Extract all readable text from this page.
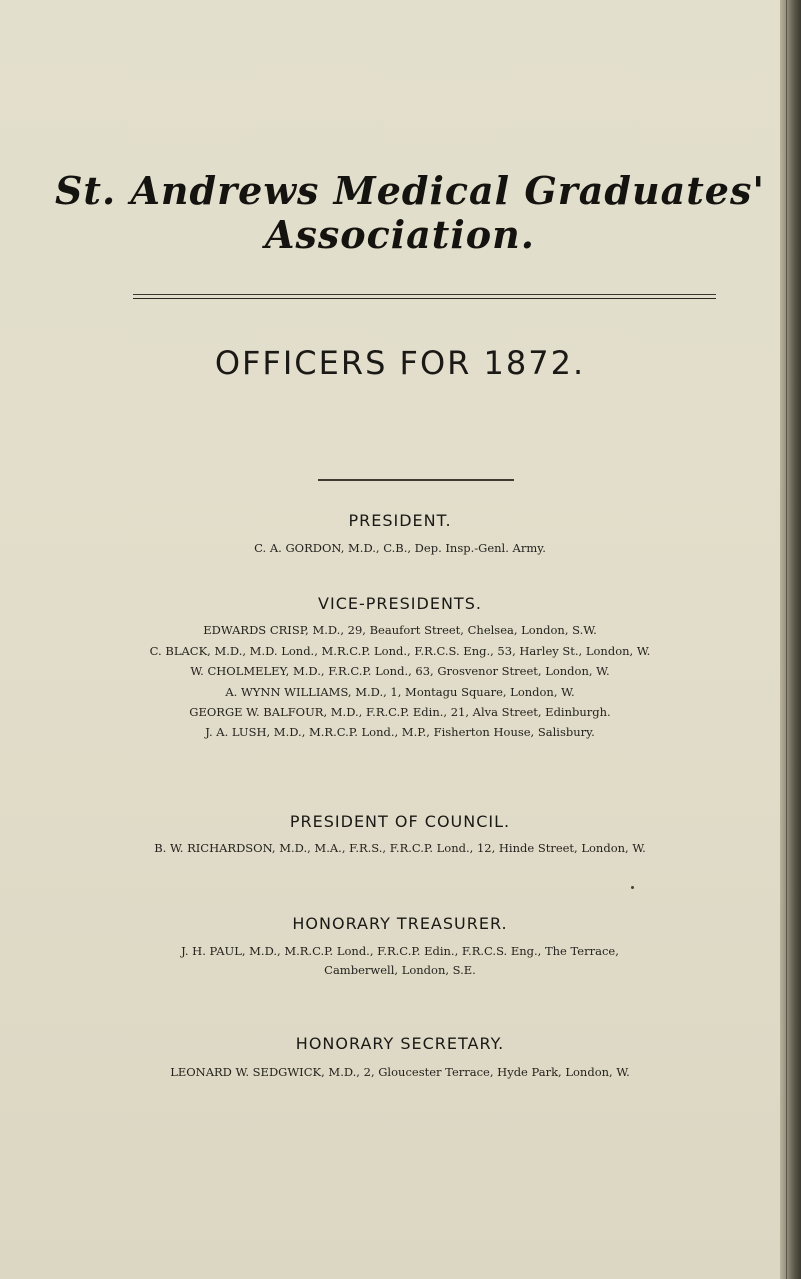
St. Andrews Medical Graduates'
Association.
OFFICERS FOR 1872.
PRESIDENT.
C. A. GORDON, M.D., C.B., Dep. Insp.-Genl. Army.
VICE-PRESIDENTS.
EDWARDS CRISP, M.D., 29, Beaufort Street, Chelsea, London, S.W.
C. BLACK, M.D., M.D. Lond., M.R.C.P. Lond., F.R.C.S. Eng., 53, Harley St., London, W.
W. CHOLMELEY, M.D., F.R.C.P. Lond., 63, Grosvenor Street, London, W.
A. WYNN WILLIAMS, M.D., 1, Montagu Square, London, W.
GEORGE W. BALFOUR, M.D., F.R.C.P. Edin., 21, Alva Street, Edinburgh.
J. A. LUSH, M.D., M.R.C.P. Lond., M.P., Fisherton House, Salisbury.
PRESIDENT OF COUNCIL.
B. W. RICHARDSON, M.D., M.A., F.R.S., F.R.C.P. Lond., 12, Hinde Street, London, W.
HONORARY TREASURER.
J. H. PAUL, M.D., M.R.C.P. Lond., F.R.C.P. Edin., F.R.C.S. Eng., The Terrace,
Camberwell, London, S.E.
HONORARY SECRETARY.
LEONARD W. SEDGWICK, M.D., 2, Gloucester Terrace, Hyde Park, London, W.
